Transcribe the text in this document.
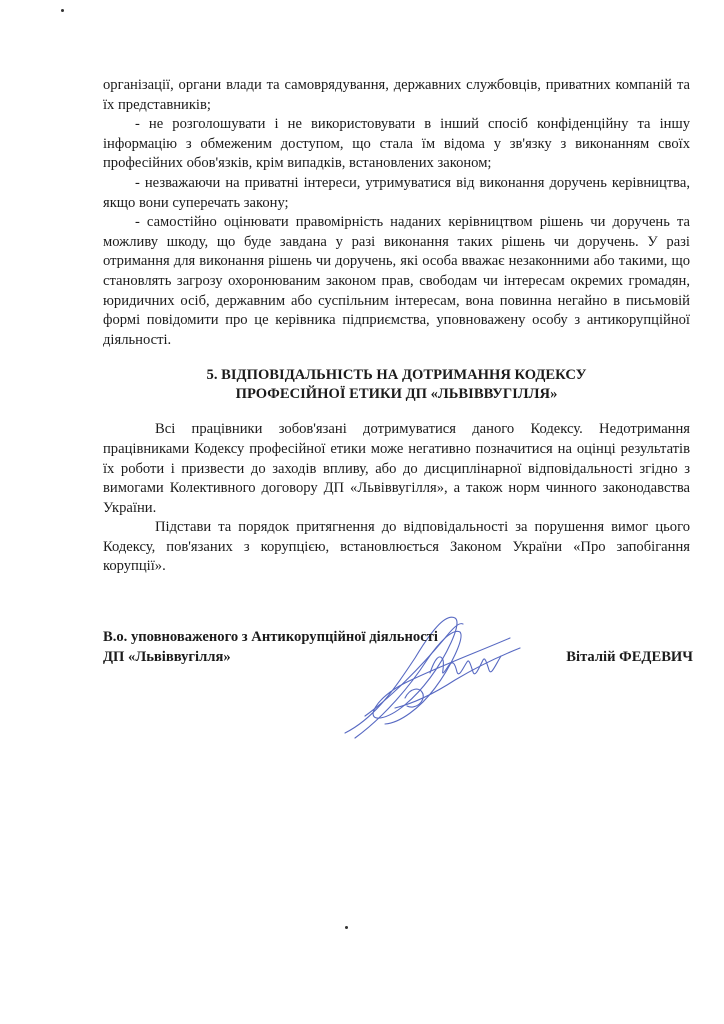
організації, органи влади та самоврядування, державних службовців, приватних компаній та їх представників;

- не розголошувати і не використовувати в інший спосіб конфіденційну та іншу інформацію з обмеженим доступом, що стала їм відома у зв'язку з виконанням своїх професійних обов'язків, крім випадків, встановлених законом;

- незважаючи на приватні інтереси, утримуватися від виконання доручень керівництва, якщо вони суперечать закону;

- самостійно оцінювати правомірність наданих керівництвом рішень чи доручень та можливу шкоду, що буде завдана у разі виконання таких рішень чи доручень. У разі отримання для виконання рішень чи доручень, які особа вважає незаконними або такими, що становлять загрозу охоронюваним законом прав, свободам чи інтересам окремих громадян, юридичних осіб, державним або суспільним інтересам, вона повинна негайно в письмовій формі повідомити про це керівника підприємства, уповноважену особу з антикорупційної діяльності.

5. ВІДПОВІДАЛЬНІСТЬ НА ДОТРИМАННЯ КОДЕКСУ
ПРОФЕСІЙНОЇ ЕТИКИ ДП «ЛЬВІВВУГІЛЛЯ»

Всі працівники зобов'язані дотримуватися даного Кодексу. Недотримання працівниками Кодексу професійної етики може негативно позначитися на оцінці результатів їх роботи і призвести до заходів впливу, або до дисциплінарної відповідальності згідно з вимогами Колективного договору ДП «Львіввугілля», а також норм чинного законодавства України.

Підстави та порядок притягнення до відповідальності за порушення вимог цього Кодексу, пов'язаних з корупцією, встановлюється Законом України «Про запобігання корупції».

В.о. уповноваженого з Антикорупційної діяльності
ДП «Львіввугілля»	Віталій ФЕДЕВИЧ
